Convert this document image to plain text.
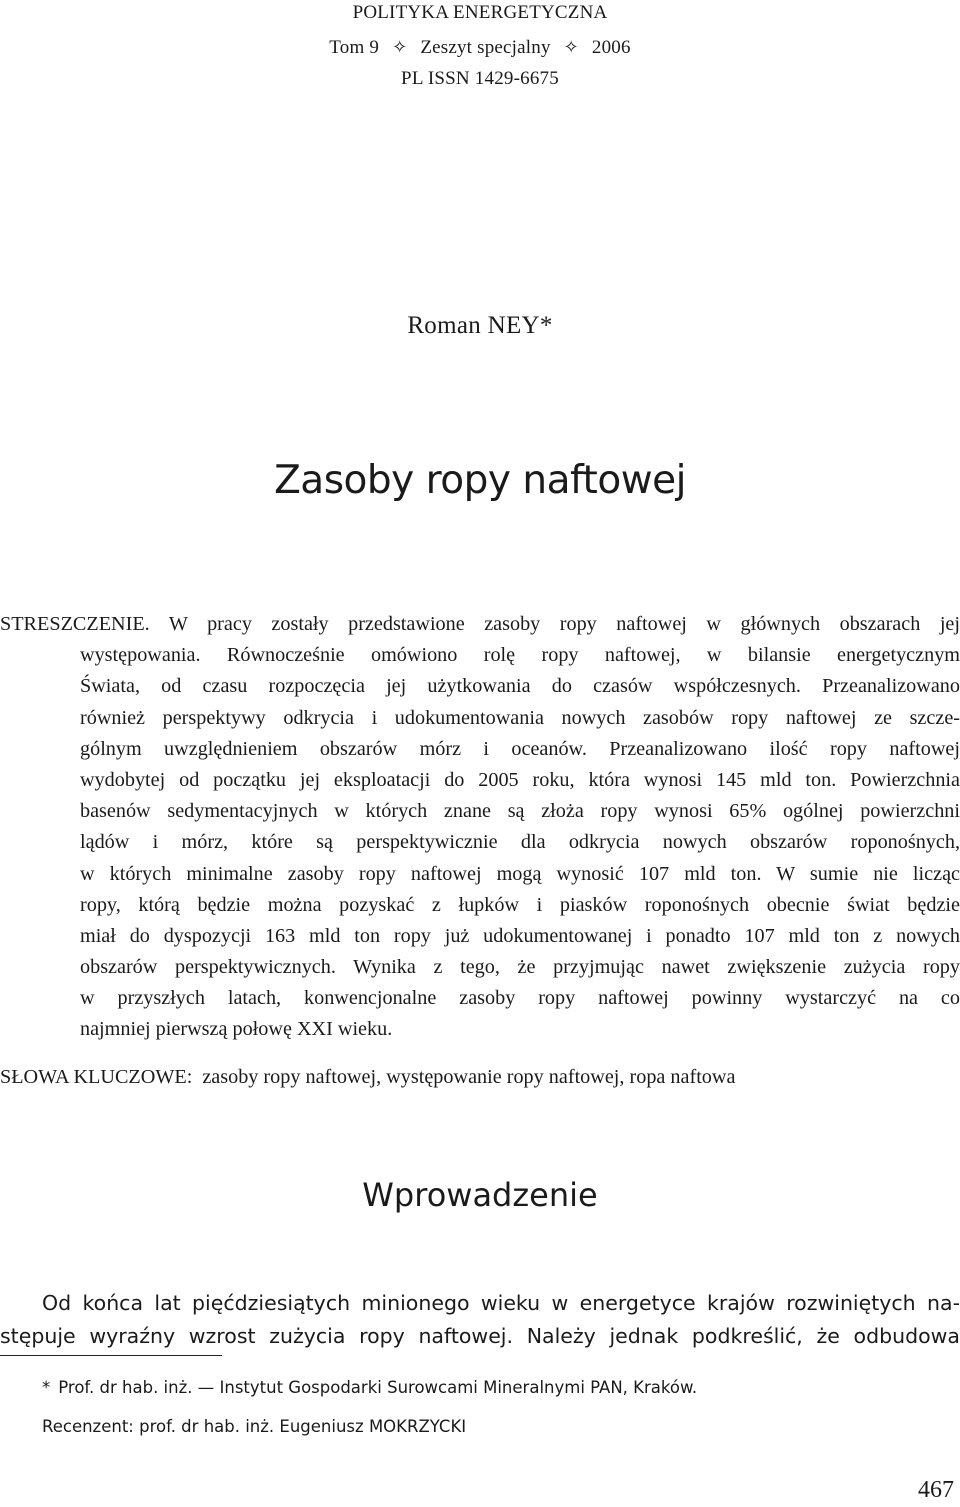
POLITYKA ENERGETYCZNA
Tom 9 ✧ Zeszyt specjalny ✧ 2006
PL ISSN 1429-6675
Roman NEY*
Zasoby ropy naftowej
STRESZCZENIE. W pracy zostały przedstawione zasoby ropy naftowej w głównych obszarach jej
występowania. Równocześnie omówiono rolę ropy naftowej, w bilansie energetycznym
Świata, od czasu rozpoczęcia jej użytkowania do czasów współczesnych. Przeanalizowano
również perspektywy odkrycia i udokumentowania nowych zasobów ropy naftowej ze szcze-
gólnym uwzględnieniem obszarów mórz i oceanów. Przeanalizowano ilość ropy naftowej
wydobytej od początku jej eksploatacji do 2005 roku, która wynosi 145 mld ton. Powierzchnia
basenów sedymentacyjnych w których znane są złoża ropy wynosi 65% ogólnej powierzchni
lądów i mórz, które są perspektywicznie dla odkrycia nowych obszarów roponośnych,
w których minimalne zasoby ropy naftowej mogą wynosić 107 mld ton. W sumie nie licząc
ropy, którą będzie można pozyskać z łupków i piasków roponośnych obecnie świat będzie
miał do dyspozycji 163 mld ton ropy już udokumentowanej i ponadto 107 mld ton z nowych
obszarów perspektywicznych. Wynika z tego, że przyjmując nawet zwiększenie zużycia ropy
w przyszłych latach, konwencjonalne zasoby ropy naftowej powinny wystarczyć na co
najmniej pierwszą połowę XXI wieku.
SŁOWA KLUCZOWE: zasoby ropy naftowej, występowanie ropy naftowej, ropa naftowa
Wprowadzenie
Od końca lat pięćdziesiątych minionego wieku w energetyce krajów rozwiniętych na-
stępuje wyraźny wzrost zużycia ropy naftowej. Należy jednak podkreślić, że odbudowa
* Prof. dr hab. inż. — Instytut Gospodarki Surowcami Mineralnymi PAN, Kraków.
Recenzent: prof. dr hab. inż. Eugeniusz MOKRZYCKI
467
